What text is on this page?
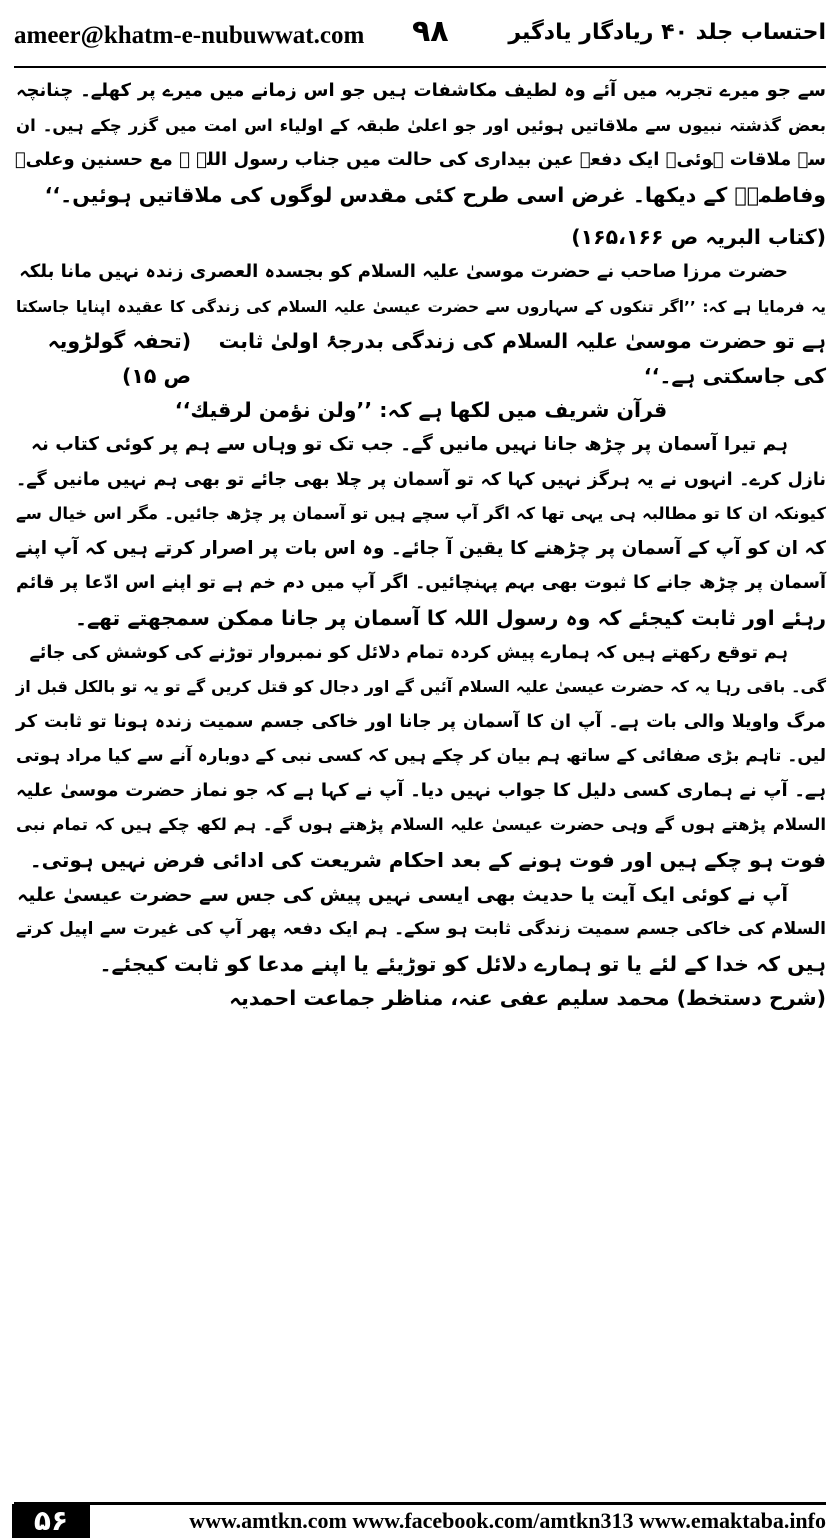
ameer@khatm-e-nubuwwat.com ۹۸	احتساب جلد ۴۰ ریادگار یادگیر

سے جو میرے تجربہ میں آئے وہ لطیف مکاشفات ہیں جو اس زمانے میں میرے پر کھلے۔ چنانچہ

بعض گذشتہ نبیوں سے ملاقاتیں ہوئیں اور جو اعلیٰ طبقہ کے اولیاء اس امت میں گزر چکے ہیں۔ ان

سے ملاقات ہوئی۔ ایک دفعہ عین بیداری کی حالت میں جناب رسول اللہ ﷺ مع حسنین وعلیؓ

وفاطمہؓ کے دیکھا۔ غرض اسی طرح کئی مقدس لوگوں کی ملاقاتیں ہوئیں۔‘‘

(کتاب البریہ ص ۱۶۵،۱۶۶)

حضرت مرزا صاحب نے حضرت موسیٰ علیہ السلام کو بجسدہ العصری زندہ نہیں مانا بلکہ

یہ فرمایا ہے کہ: ’’اگر تنکوں کے سہاروں سے حضرت عیسیٰ علیہ السلام کی زندگی کا عقیدہ اپنایا جاسکتا

ہے تو حضرت موسیٰ علیہ السلام کی زندگی بدرجۂ اولیٰ ثابت کی جاسکتی ہے۔‘‘
(تحفہ گولڑویہ ص ۱۵)

قرآن شریف میں لکھا ہے کہ: ’’ولن نؤمن لرقیك‘‘

ہم تیرا آسمان پر چڑھ جانا نہیں مانیں گے۔ جب تک تو وہاں سے ہم پر کوئی کتاب نہ

نازل کرے۔ انہوں نے یہ ہرگز نہیں کہا کہ تو آسمان پر چلا بھی جائے تو بھی ہم نہیں مانیں گے۔

کیونکہ ان کا تو مطالبہ ہی یہی تھا کہ اگر آپ سچے ہیں تو آسمان پر چڑھ جائیں۔ مگر اس خیال سے

کہ ان کو آپ کے آسمان پر چڑھنے کا یقین آ جائے۔ وہ اس بات پر اصرار کرتے ہیں کہ آپ اپنے

آسمان پر چڑھ جانے کا ثبوت بھی بہم پہنچائیں۔ اگر آپ میں دم خم ہے تو اپنے اس ادّعا پر قائم

رہئے اور ثابت کیجئے کہ وہ رسول اللہ کا آسمان پر جانا ممکن سمجھتے تھے۔

ہم توقع رکھتے ہیں کہ ہمارے پیش کردہ تمام دلائل کو نمبروار توڑنے کی کوشش کی جائے

گی۔ باقی رہا یہ کہ حضرت عیسیٰ علیہ السلام آئیں گے اور دجال کو قتل کریں گے تو یہ تو بالکل قبل از

مرگ واویلا والی بات ہے۔ آپ ان کا آسمان پر جانا اور خاکی جسم سمیت زندہ ہونا تو ثابت کر

لیں۔ تاہم بڑی صفائی کے ساتھ ہم بیان کر چکے ہیں کہ کسی نبی کے دوبارہ آنے سے کیا مراد ہوتی

ہے۔ آپ نے ہماری کسی دلیل کا جواب نہیں دیا۔ آپ نے کہا ہے کہ جو نماز حضرت موسیٰ علیہ

السلام پڑھتے ہوں گے وہی حضرت عیسیٰ علیہ السلام پڑھتے ہوں گے۔ ہم لکھ چکے ہیں کہ تمام نبی

فوت ہو چکے ہیں اور فوت ہونے کے بعد احکام شریعت کی ادائی فرض نہیں ہوتی۔

آپ نے کوئی ایک آیت یا حدیث بھی ایسی نہیں پیش کی جس سے حضرت عیسیٰ علیہ

السلام کی خاکی جسم سمیت زندگی ثابت ہو سکے۔ ہم ایک دفعہ پھر آپ کی غیرت سے اپیل کرتے

ہیں کہ خدا کے لئے یا تو ہمارے دلائل کو توڑیئے یا اپنے مدعا کو ثابت کیجئے۔

(شرح دستخط) محمد سلیم عفی عنہ، مناظر جماعت احمدیہ

۵۶	www.amtkn.com www.facebook.com/amtkn313 www.emaktaba.info
